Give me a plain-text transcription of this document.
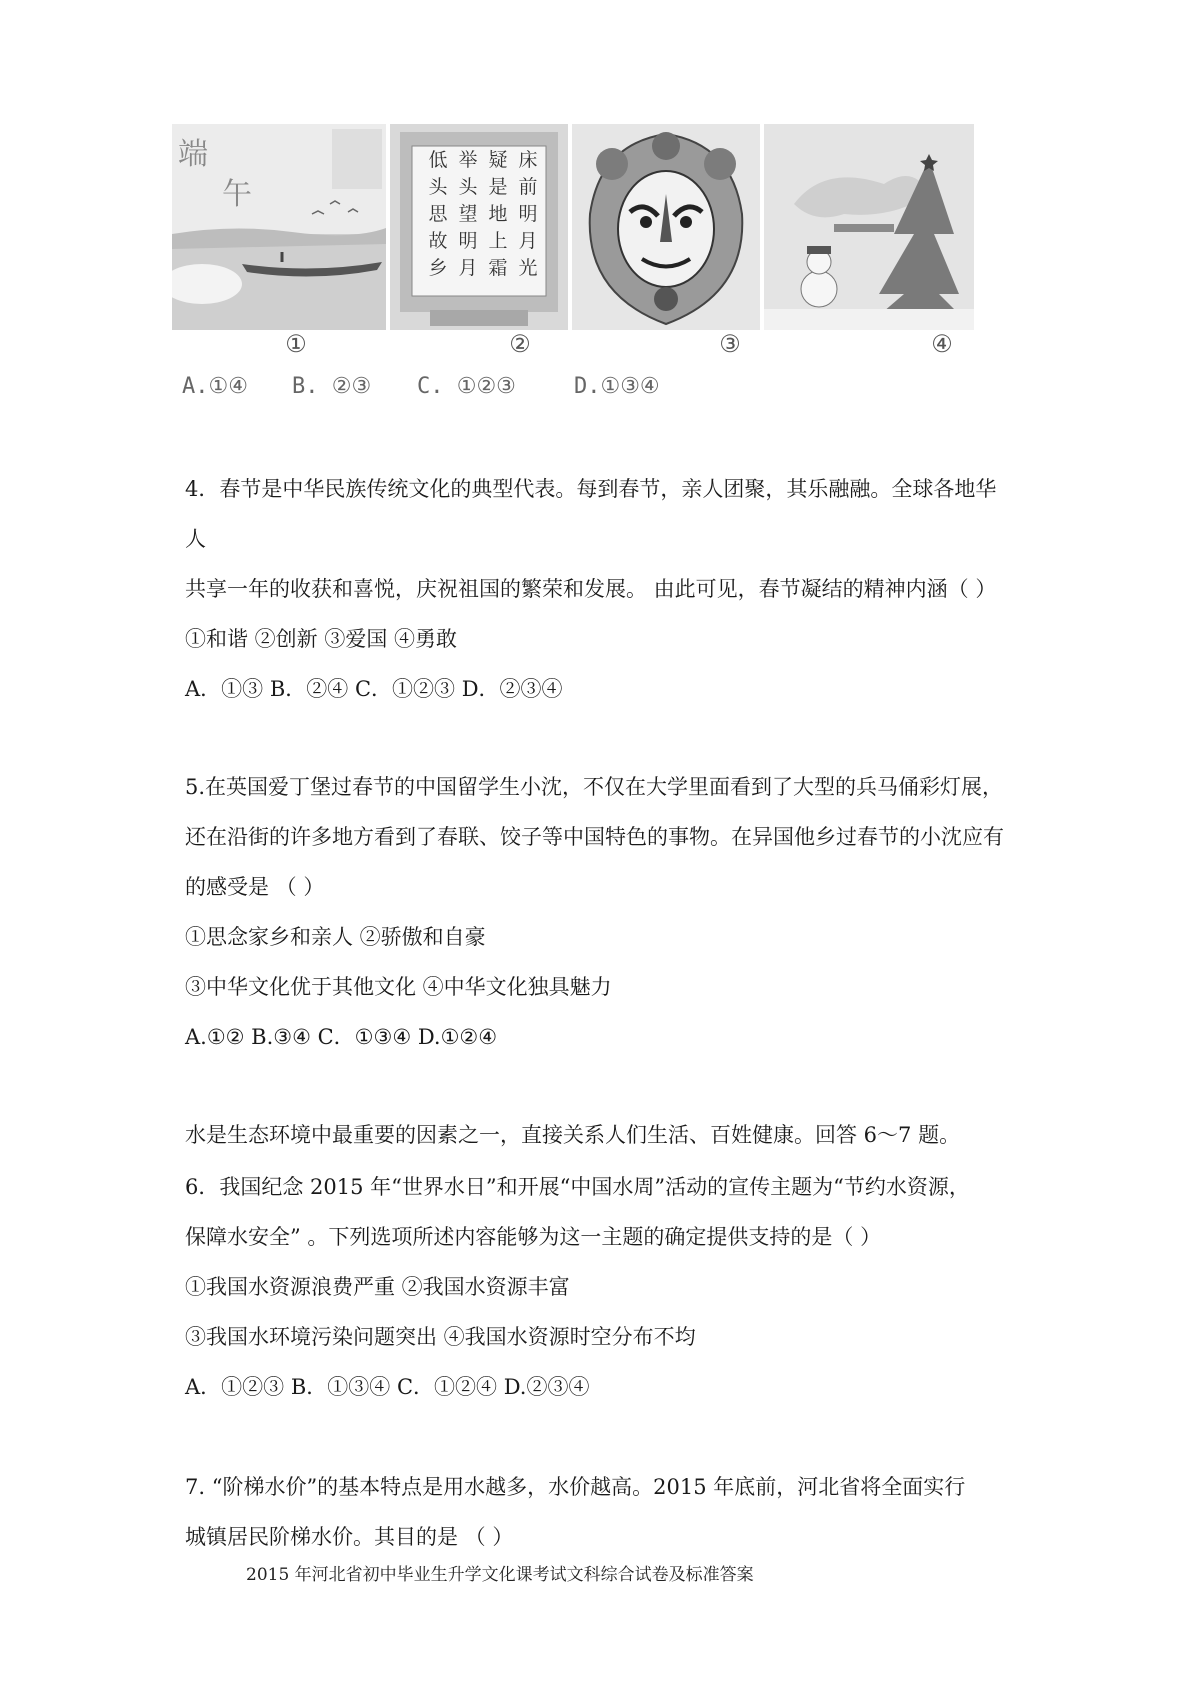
端
午
床前明月光
疑是地上霜
举头望明月
低头思故乡
①	②	③	④
A.①④ B. ②③ C. ①②③	D.①③④
4．春节是中华民族传统文化的典型代表。每到春节，亲人团聚，其乐融融。全球各地华
人
共享一年的收获和喜悦，庆祝祖国的繁荣和发展。 由此可见，春节凝结的精神内涵（ ）
①和谐 ②创新 ③爱国 ④勇敢
A．①③ B．②④ C．①②③ D．②③④
5.在英国爱丁堡过春节的中国留学生小沈，不仅在大学里面看到了大型的兵马俑彩灯展，
还在沿街的许多地方看到了春联、饺子等中国特色的事物。在异国他乡过春节的小沈应有
的感受是 （ ）
①思念家乡和亲人 ②骄傲和自豪
③中华文化优于其他文化 ④中华文化独具魅力
A.①② B.③④ C．①③④ D.①②④
水是生态环境中最重要的因素之一，直接关系人们生活、百姓健康。回答 6～7 题。
6．我国纪念 2015 年“世界水日”和开展“中国水周”活动的宣传主题为“节约水资源，
保障水安全” 。下列选项所述内容能够为这一主题的确定提供支持的是（ ）
①我国水资源浪费严重 ②我国水资源丰富
③我国水环境污染问题突出 ④我国水资源时空分布不均
A．①②③ B．①③④ C．①②④ D.②③④
7. “阶梯水价”的基本特点是用水越多，水价越高。2015 年底前，河北省将全面实行
城镇居民阶梯水价。其目的是 （ ）
2015 年河北省初中毕业生升学文化课考试文科综合试卷及标准答案
